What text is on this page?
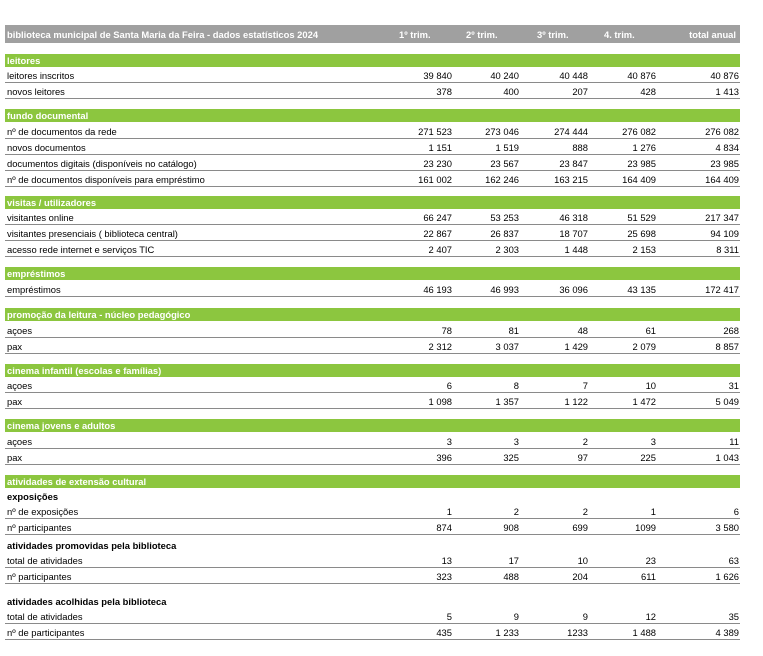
biblioteca municipal de Santa Maria da Feira - dados estatísticos 2024	1º trim.	2º trim.	3º trim.	4. trim.	total anual
leitores
leitores inscritos	39 840	40 240	40 448	40 876	40 876
novos leitores	378	400	207	428	1 413
fundo documental
nº de documentos da rede	271 523	273 046	274 444	276 082	276 082
novos documentos	1 151	1 519	888	1 276	4 834
documentos digitais (disponíveis no catálogo)	23 230	23 567	23 847	23 985	23 985
nº de documentos disponíveis para empréstimo	161 002	162 246	163 215	164 409	164 409
visitas / utilizadores
visitantes online	66 247	53 253	46 318	51 529	217 347
visitantes presenciais ( biblioteca central)	22 867	26 837	18 707	25 698	94 109
acesso rede internet e serviços TIC	2 407	2 303	1 448	2 153	8 311
empréstimos
empréstimos	46 193	46 993	36 096	43 135	172 417
promoção da leitura - núcleo pedagógico
açoes	78	81	48	61	268
pax	2 312	3 037	1 429	2 079	8 857
cinema infantil (escolas e famílias)
açoes	6	8	7	10	31
pax	1 098	1 357	1 122	1 472	5 049
cinema jovens e adultos
açoes	3	3	2	3	11
pax	396	325	97	225	1 043
atividades de extensão cultural
exposições
nº de exposições	1	2	2	1	6
nº participantes	874	908	699	1099	3 580
atividades promovidas pela biblioteca
total de atividades	13	17	10	23	63
nº participantes	323	488	204	611	1 626
atividades acolhidas pela biblioteca
total de atividades	5	9	9	12	35
nº de participantes	435	1 233	1233	1 488	4 389
